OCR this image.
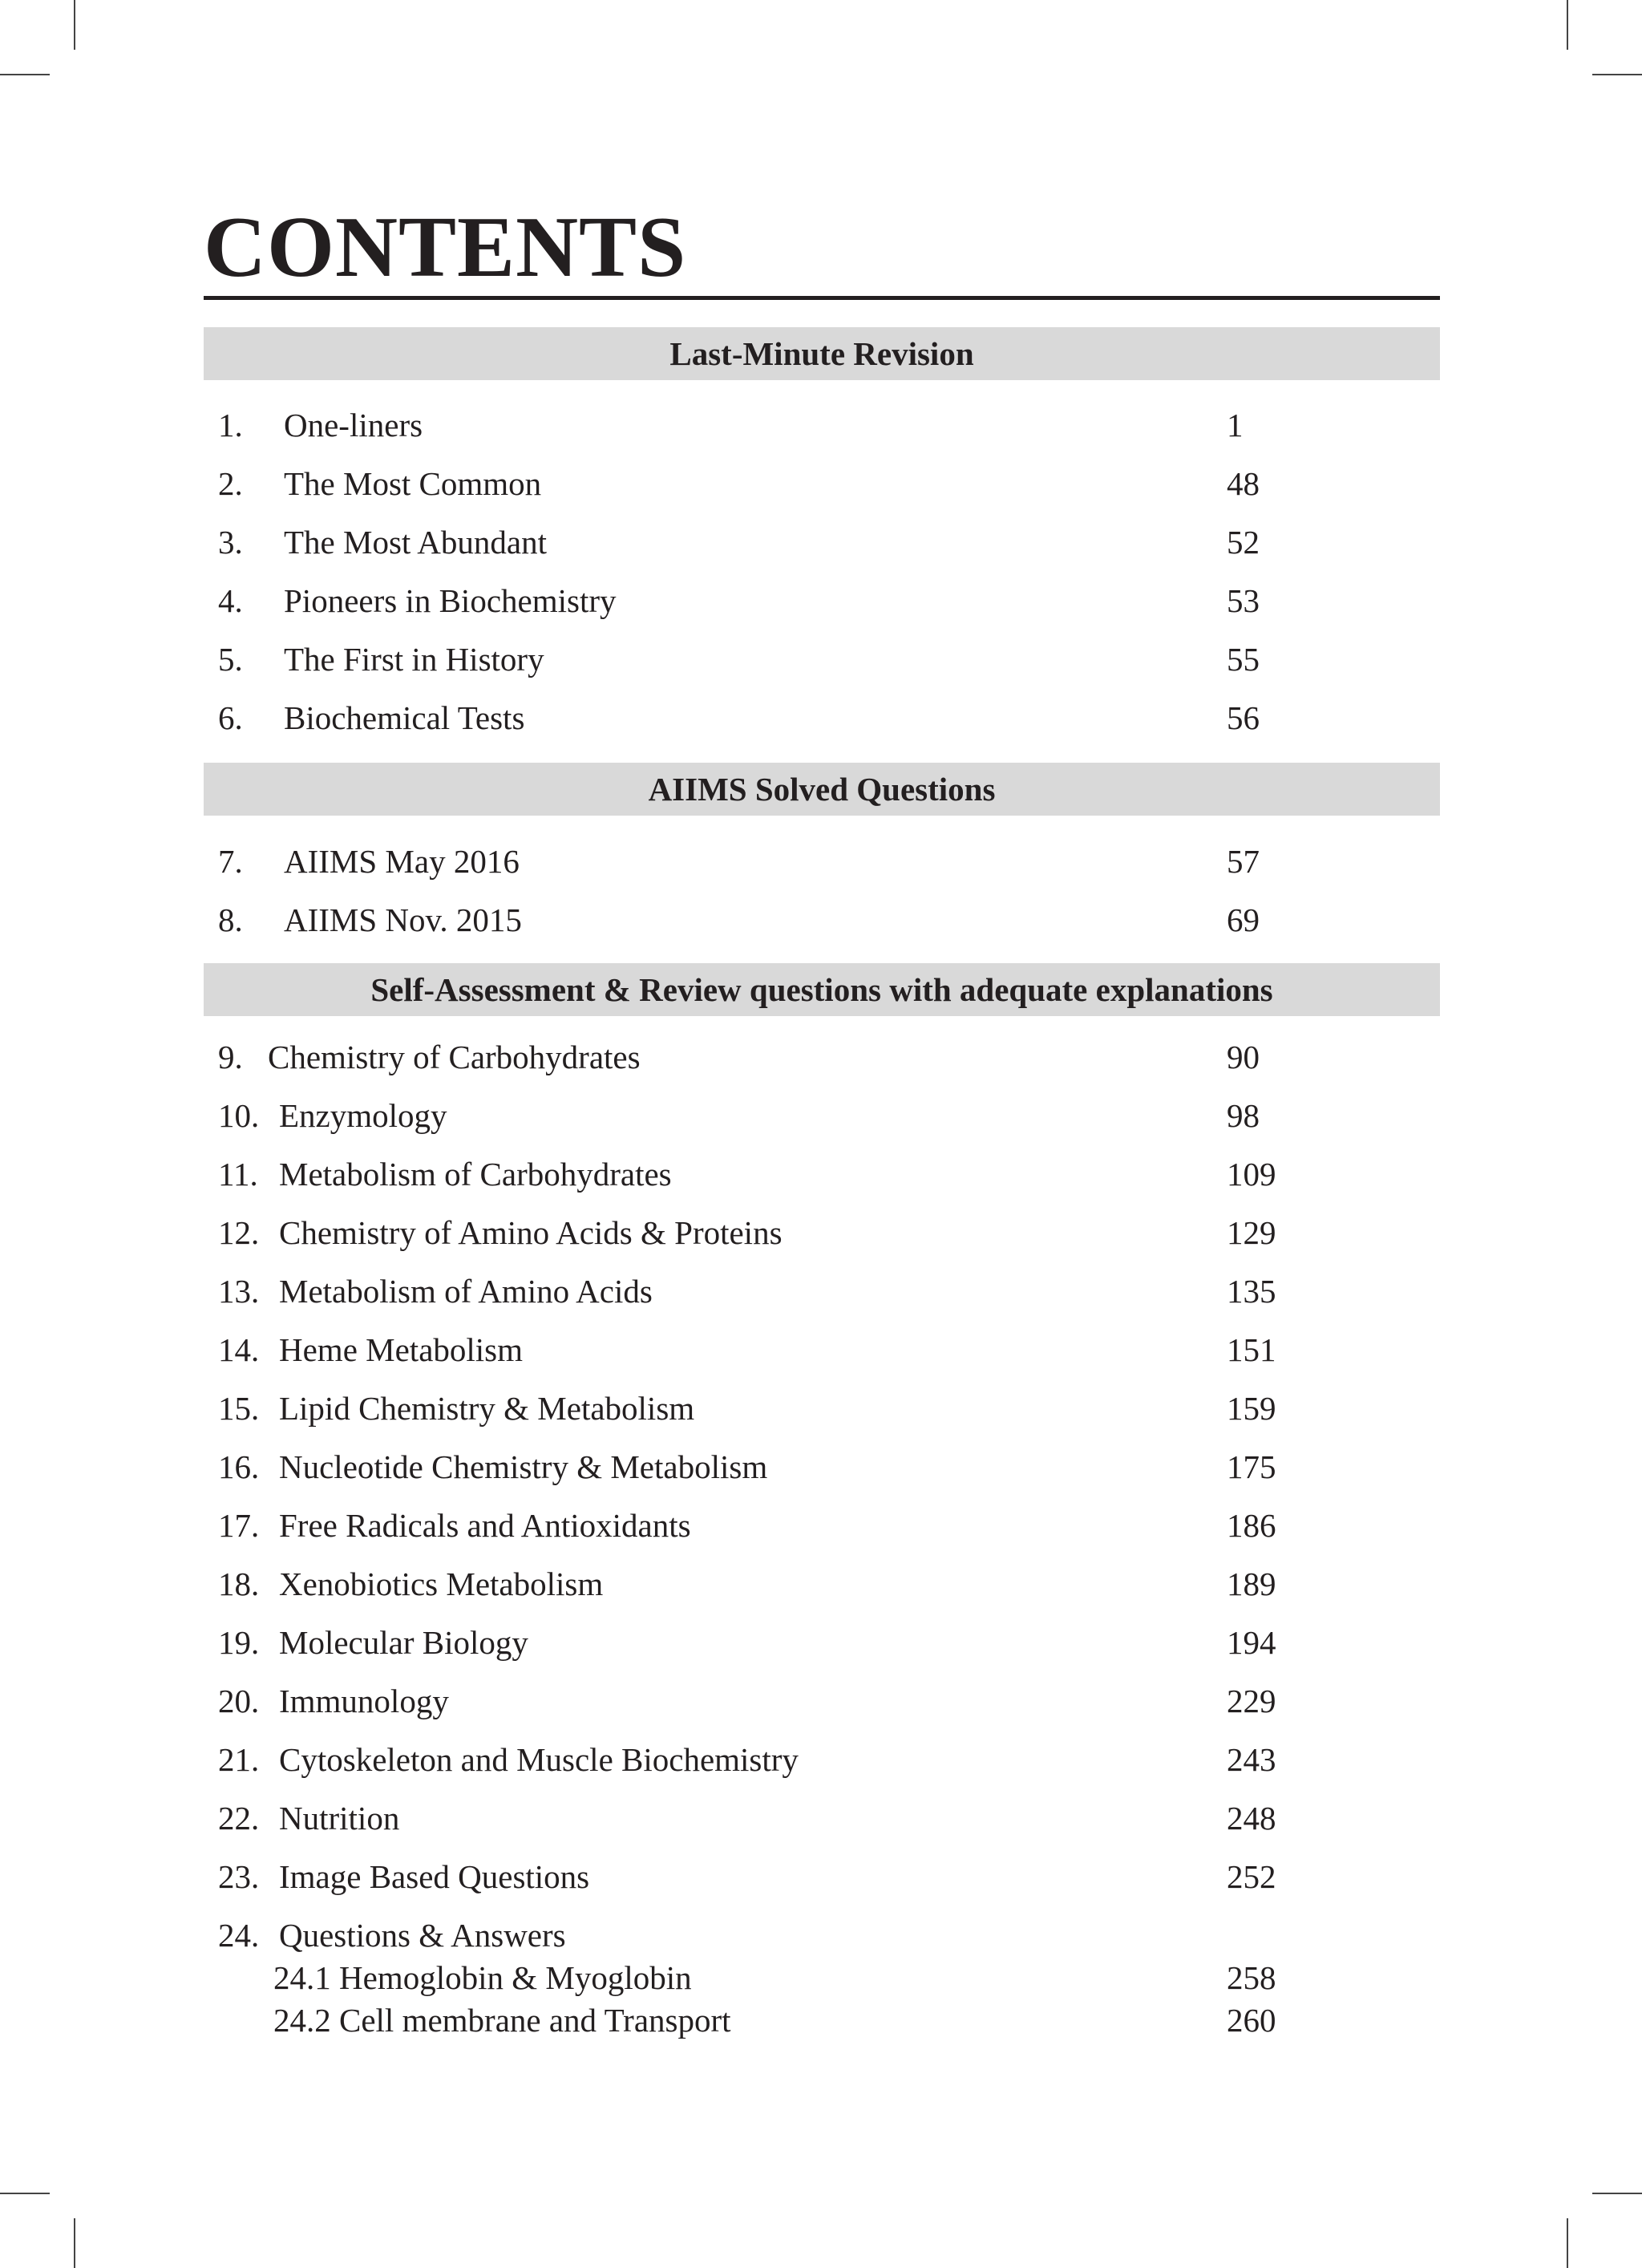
CONTENTS
Last-Minute Revision
1. One-liners	1
2. The Most Common	48
3. The Most Abundant	52
4. Pioneers in Biochemistry	53
5. The First in History	55
6. Biochemical Tests	56
AIIMS Solved Questions
7. AIIMS May 2016	57
8. AIIMS Nov. 2015	69
Self-Assessment & Review questions with adequate explanations
9. Chemistry of Carbohydrates	90
10. Enzymology	98
11. Metabolism of Carbohydrates	109
12. Chemistry of Amino Acids & Proteins	129
13. Metabolism of Amino Acids	135
14. Heme Metabolism	151
15. Lipid Chemistry & Metabolism	159
16. Nucleotide Chemistry & Metabolism	175
17. Free Radicals and Antioxidants	186
18. Xenobiotics Metabolism	189
19. Molecular Biology	194
20. Immunology	229
21. Cytoskeleton and Muscle Biochemistry	243
22. Nutrition	248
23. Image Based Questions	252
24. Questions & Answers
24.1 Hemoglobin & Myoglobin	258
24.2 Cell membrane and Transport	260
